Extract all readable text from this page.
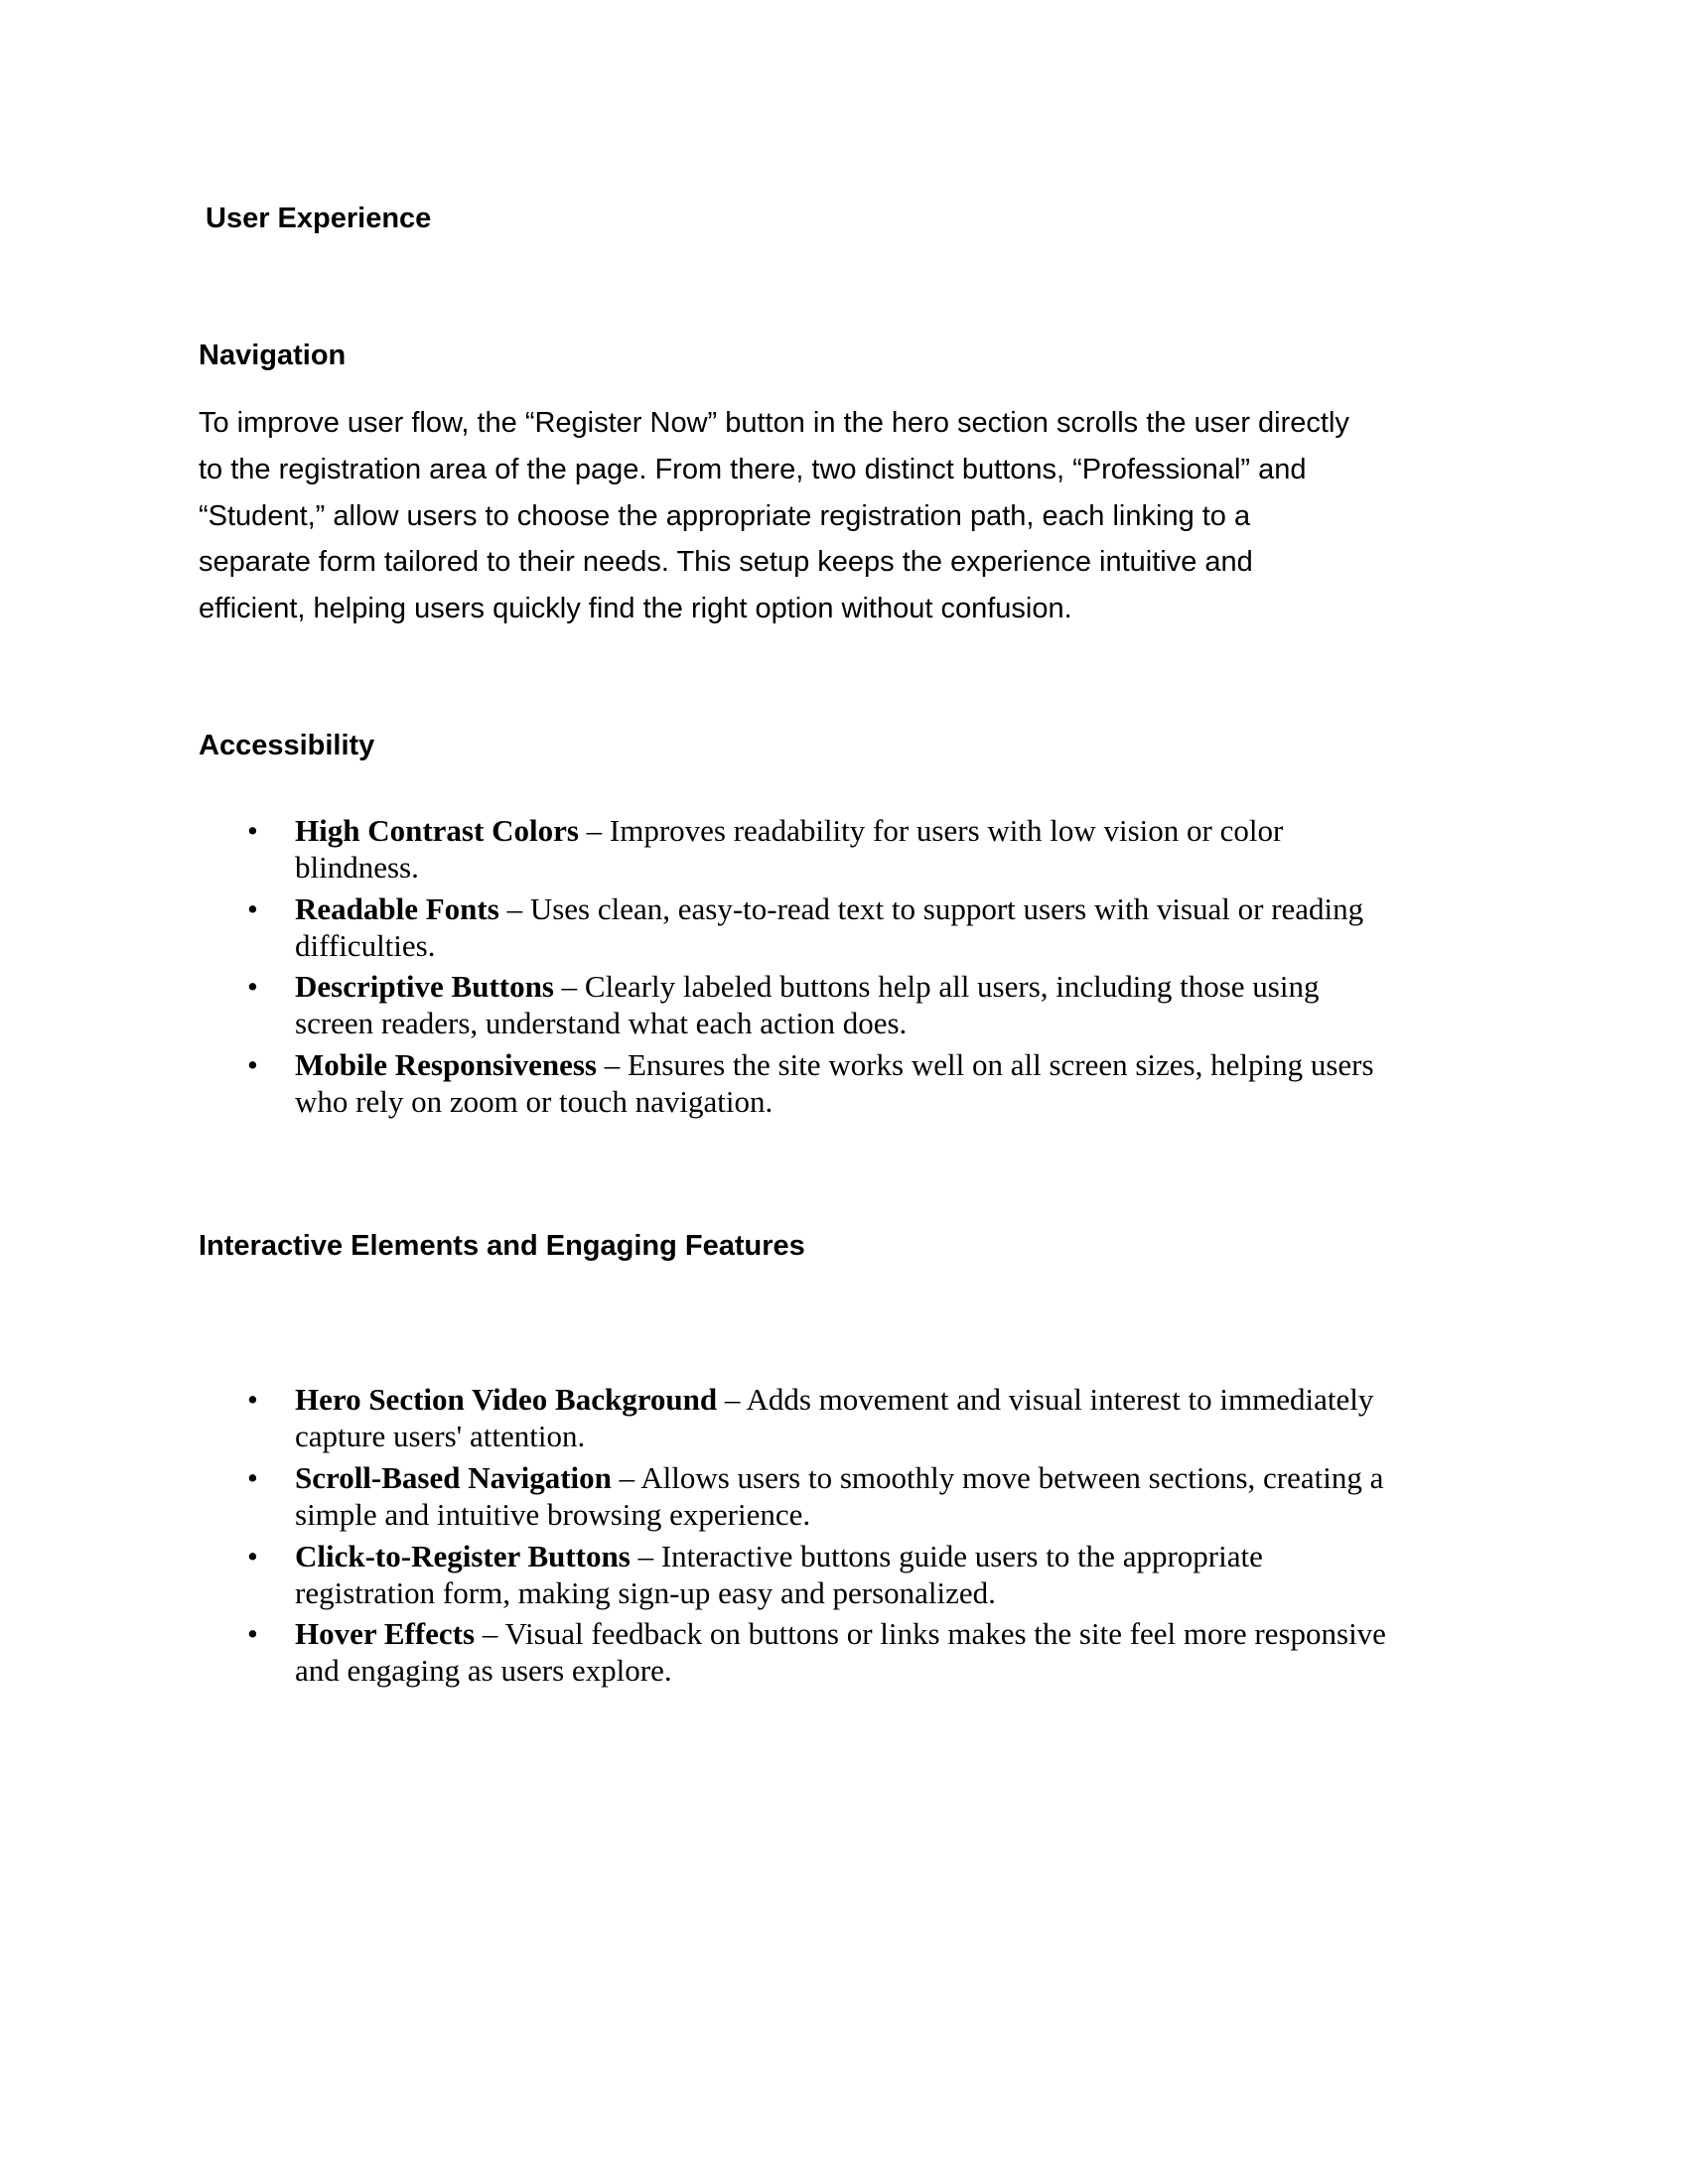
User Experience
Navigation
To improve user flow, the “Register Now” button in the hero section scrolls the user directly
to the registration area of the page. From there, two distinct buttons, “Professional” and
“Student,” allow users to choose the appropriate registration path, each linking to a
separate form tailored to their needs. This setup keeps the experience intuitive and
efficient, helping users quickly find the right option without confusion.
Accessibility
• High Contrast Colors – Improves readability for users with low vision or color
blindness.
• Readable Fonts – Uses clean, easy-to-read text to support users with visual or reading
difficulties.
• Descriptive Buttons – Clearly labeled buttons help all users, including those using
screen readers, understand what each action does.
• Mobile Responsiveness – Ensures the site works well on all screen sizes, helping users
who rely on zoom or touch navigation.
Interactive Elements and Engaging Features
• Hero Section Video Background – Adds movement and visual interest to immediately
capture users' attention.
• Scroll-Based Navigation – Allows users to smoothly move between sections, creating a
simple and intuitive browsing experience.
• Click-to-Register Buttons – Interactive buttons guide users to the appropriate
registration form, making sign-up easy and personalized.
• Hover Effects – Visual feedback on buttons or links makes the site feel more responsive
and engaging as users explore.
